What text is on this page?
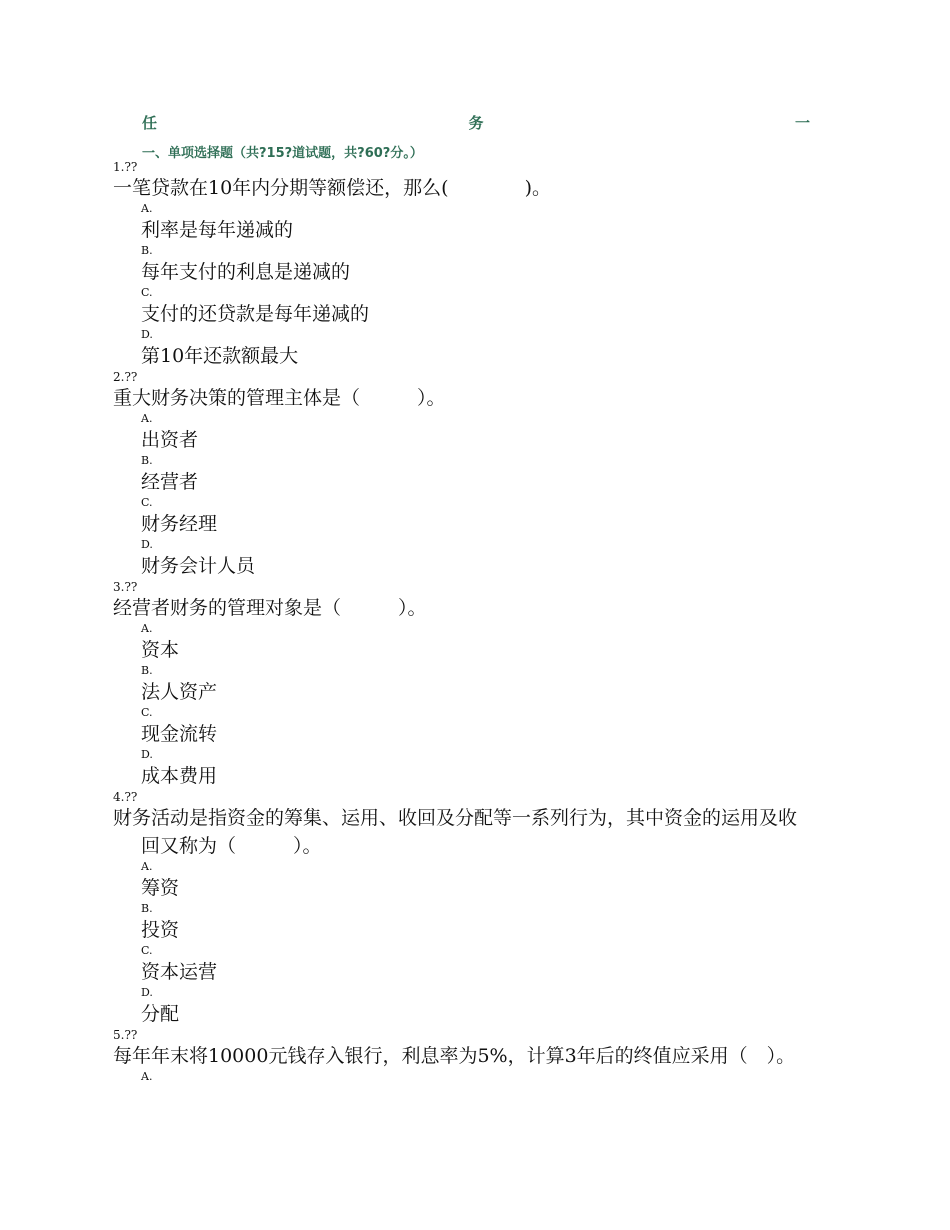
任	务	一
一、单项选择题（共?15?道试题，共?60?分。）
1.??
一笔贷款在10年内分期等额偿还，那么(　　　　)。
A.
利率是每年递减的
B.
每年支付的利息是递减的
C.
支付的还贷款是每年递减的
D.
第10年还款额最大
2.??
重大财务决策的管理主体是（　　　）。
A.
出资者
B.
经营者
C.
财务经理
D.
财务会计人员
3.??
经营者财务的管理对象是（　　　）。
A.
资本
B.
法人资产
C.
现金流转
D.
成本费用
4.??
财务活动是指资金的筹集、运用、收回及分配等一系列行为，其中资金的运用及收回又称为（　　　）。
A.
筹资
B.
投资
C.
资本运营
D.
分配
5.??
每年年末将10000元钱存入银行，利息率为5%，计算3年后的终值应采用（　）。
A.
